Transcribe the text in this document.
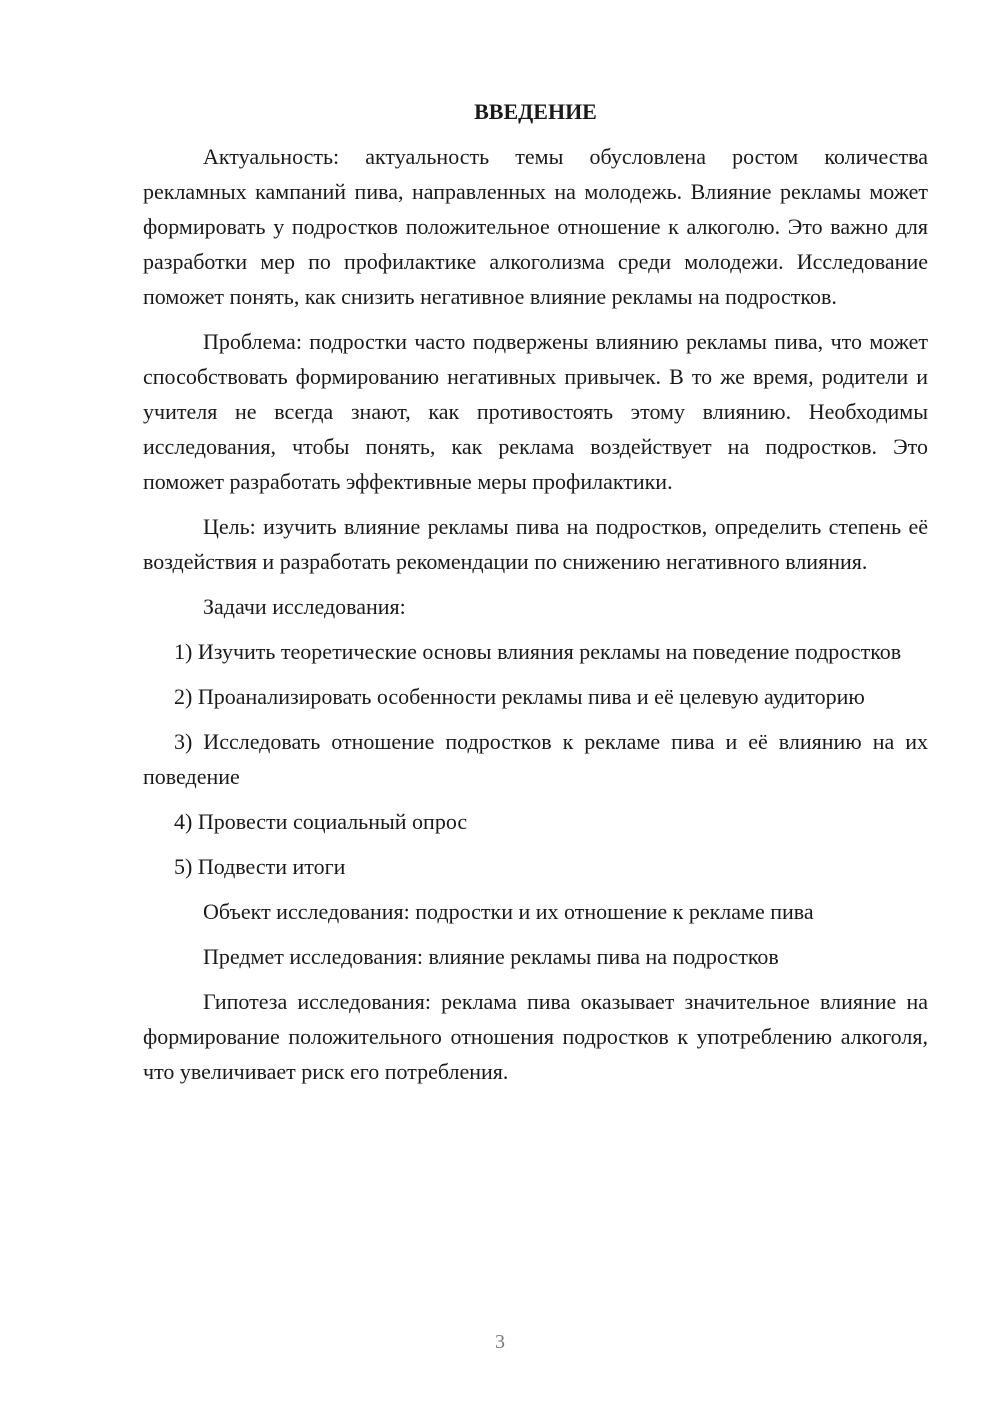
ВВЕДЕНИЕ

Актуальность: актуальность темы обусловлена ростом количества рекламных кампаний пива, направленных на молодежь. Влияние рекламы может формировать у подростков положительное отношение к алкоголю. Это важно для разработки мер по профилактике алкоголизма среди молодежи. Исследование поможет понять, как снизить негативное влияние рекламы на подростков.

Проблема: подростки часто подвержены влиянию рекламы пива, что может способствовать формированию негативных привычек. В то же время, родители и учителя не всегда знают, как противостоять этому влиянию. Необходимы исследования, чтобы понять, как реклама воздействует на подростков. Это поможет разработать эффективные меры профилактики.

Цель: изучить влияние рекламы пива на подростков, определить степень её воздействия и разработать рекомендации по снижению негативного влияния.

Задачи исследования:

1) Изучить теоретические основы влияния рекламы на поведение подростков
2) Проанализировать особенности рекламы пива и её целевую аудиторию
3) Исследовать отношение подростков к рекламе пива и её влиянию на их поведение
4) Провести социальный опрос
5) Подвести итоги

Объект исследования: подростки и их отношение к рекламе пива

Предмет исследования: влияние рекламы пива на подростков

Гипотеза исследования: реклама пива оказывает значительное влияние на формирование положительного отношения подростков к употреблению алкоголя, что увеличивает риск его потребления.

3
